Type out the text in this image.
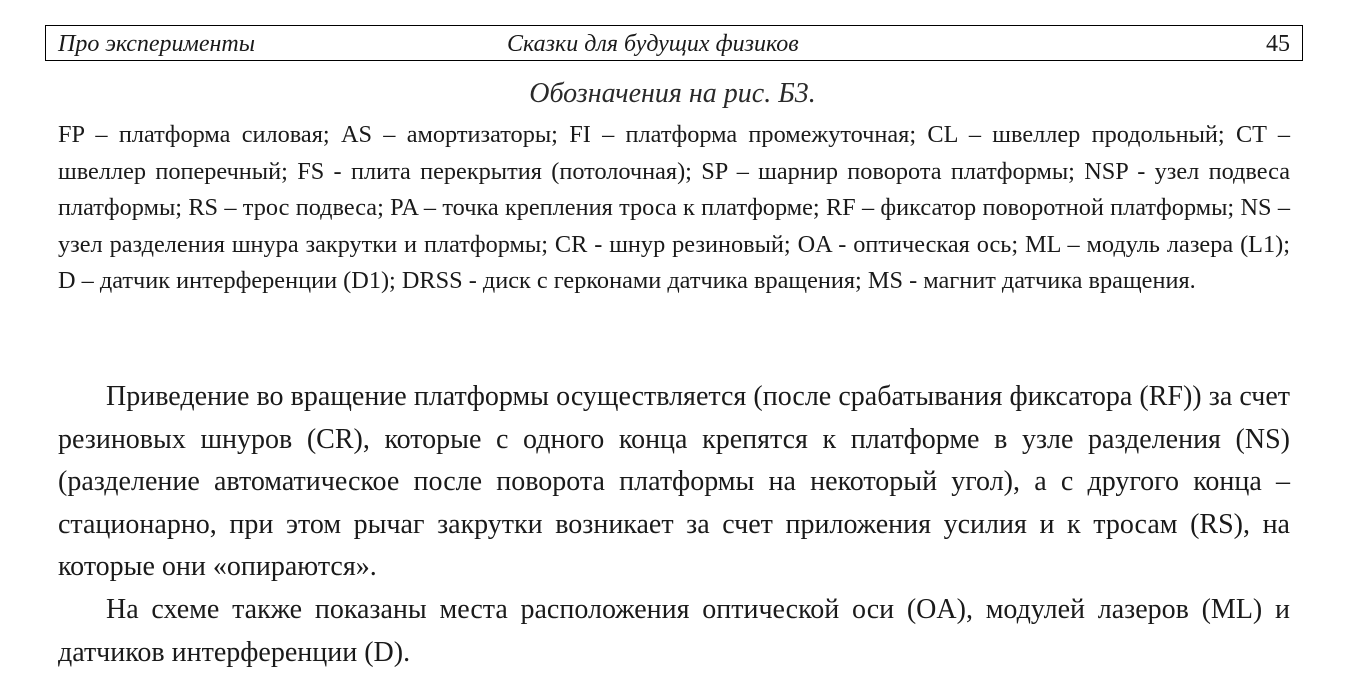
Про эксперименты	Сказки для будущих физиков	45
Обозначения на рис. Б3.
FP – платформа силовая; AS – амортизаторы; FI – платформа промежуточная; CL – швеллер продольный; CT – швеллер поперечный; FS - плита перекрытия (потолочная); SP – шарнир поворота платформы; NSP - узел подвеса платформы; RS – трос подвеса; PA – точка крепления троса к платформе; RF – фиксатор поворотной платформы; NS – узел разделения шнура закрутки и платформы; CR - шнур резиновый; OA - оптическая ось; ML – модуль лазера (L1); D – датчик интерференции (D1); DRSS - диск с герконами датчика вращения; MS - магнит датчика вращения.

Приведение во вращение платформы осуществляется (после срабатывания фиксатора (RF)) за счет резиновых шнуров (CR), которые с одного конца крепятся к платформе в узле разделения (NS) (разделение автоматическое после поворота платформы на некоторый угол), а с другого конца – стационарно, при этом рычаг закрутки возникает за счет приложения усилия и к тросам (RS), на которые они «опираются».

На схеме также показаны места расположения оптической оси (OA), модулей лазеров (ML) и датчиков интерференции (D).
